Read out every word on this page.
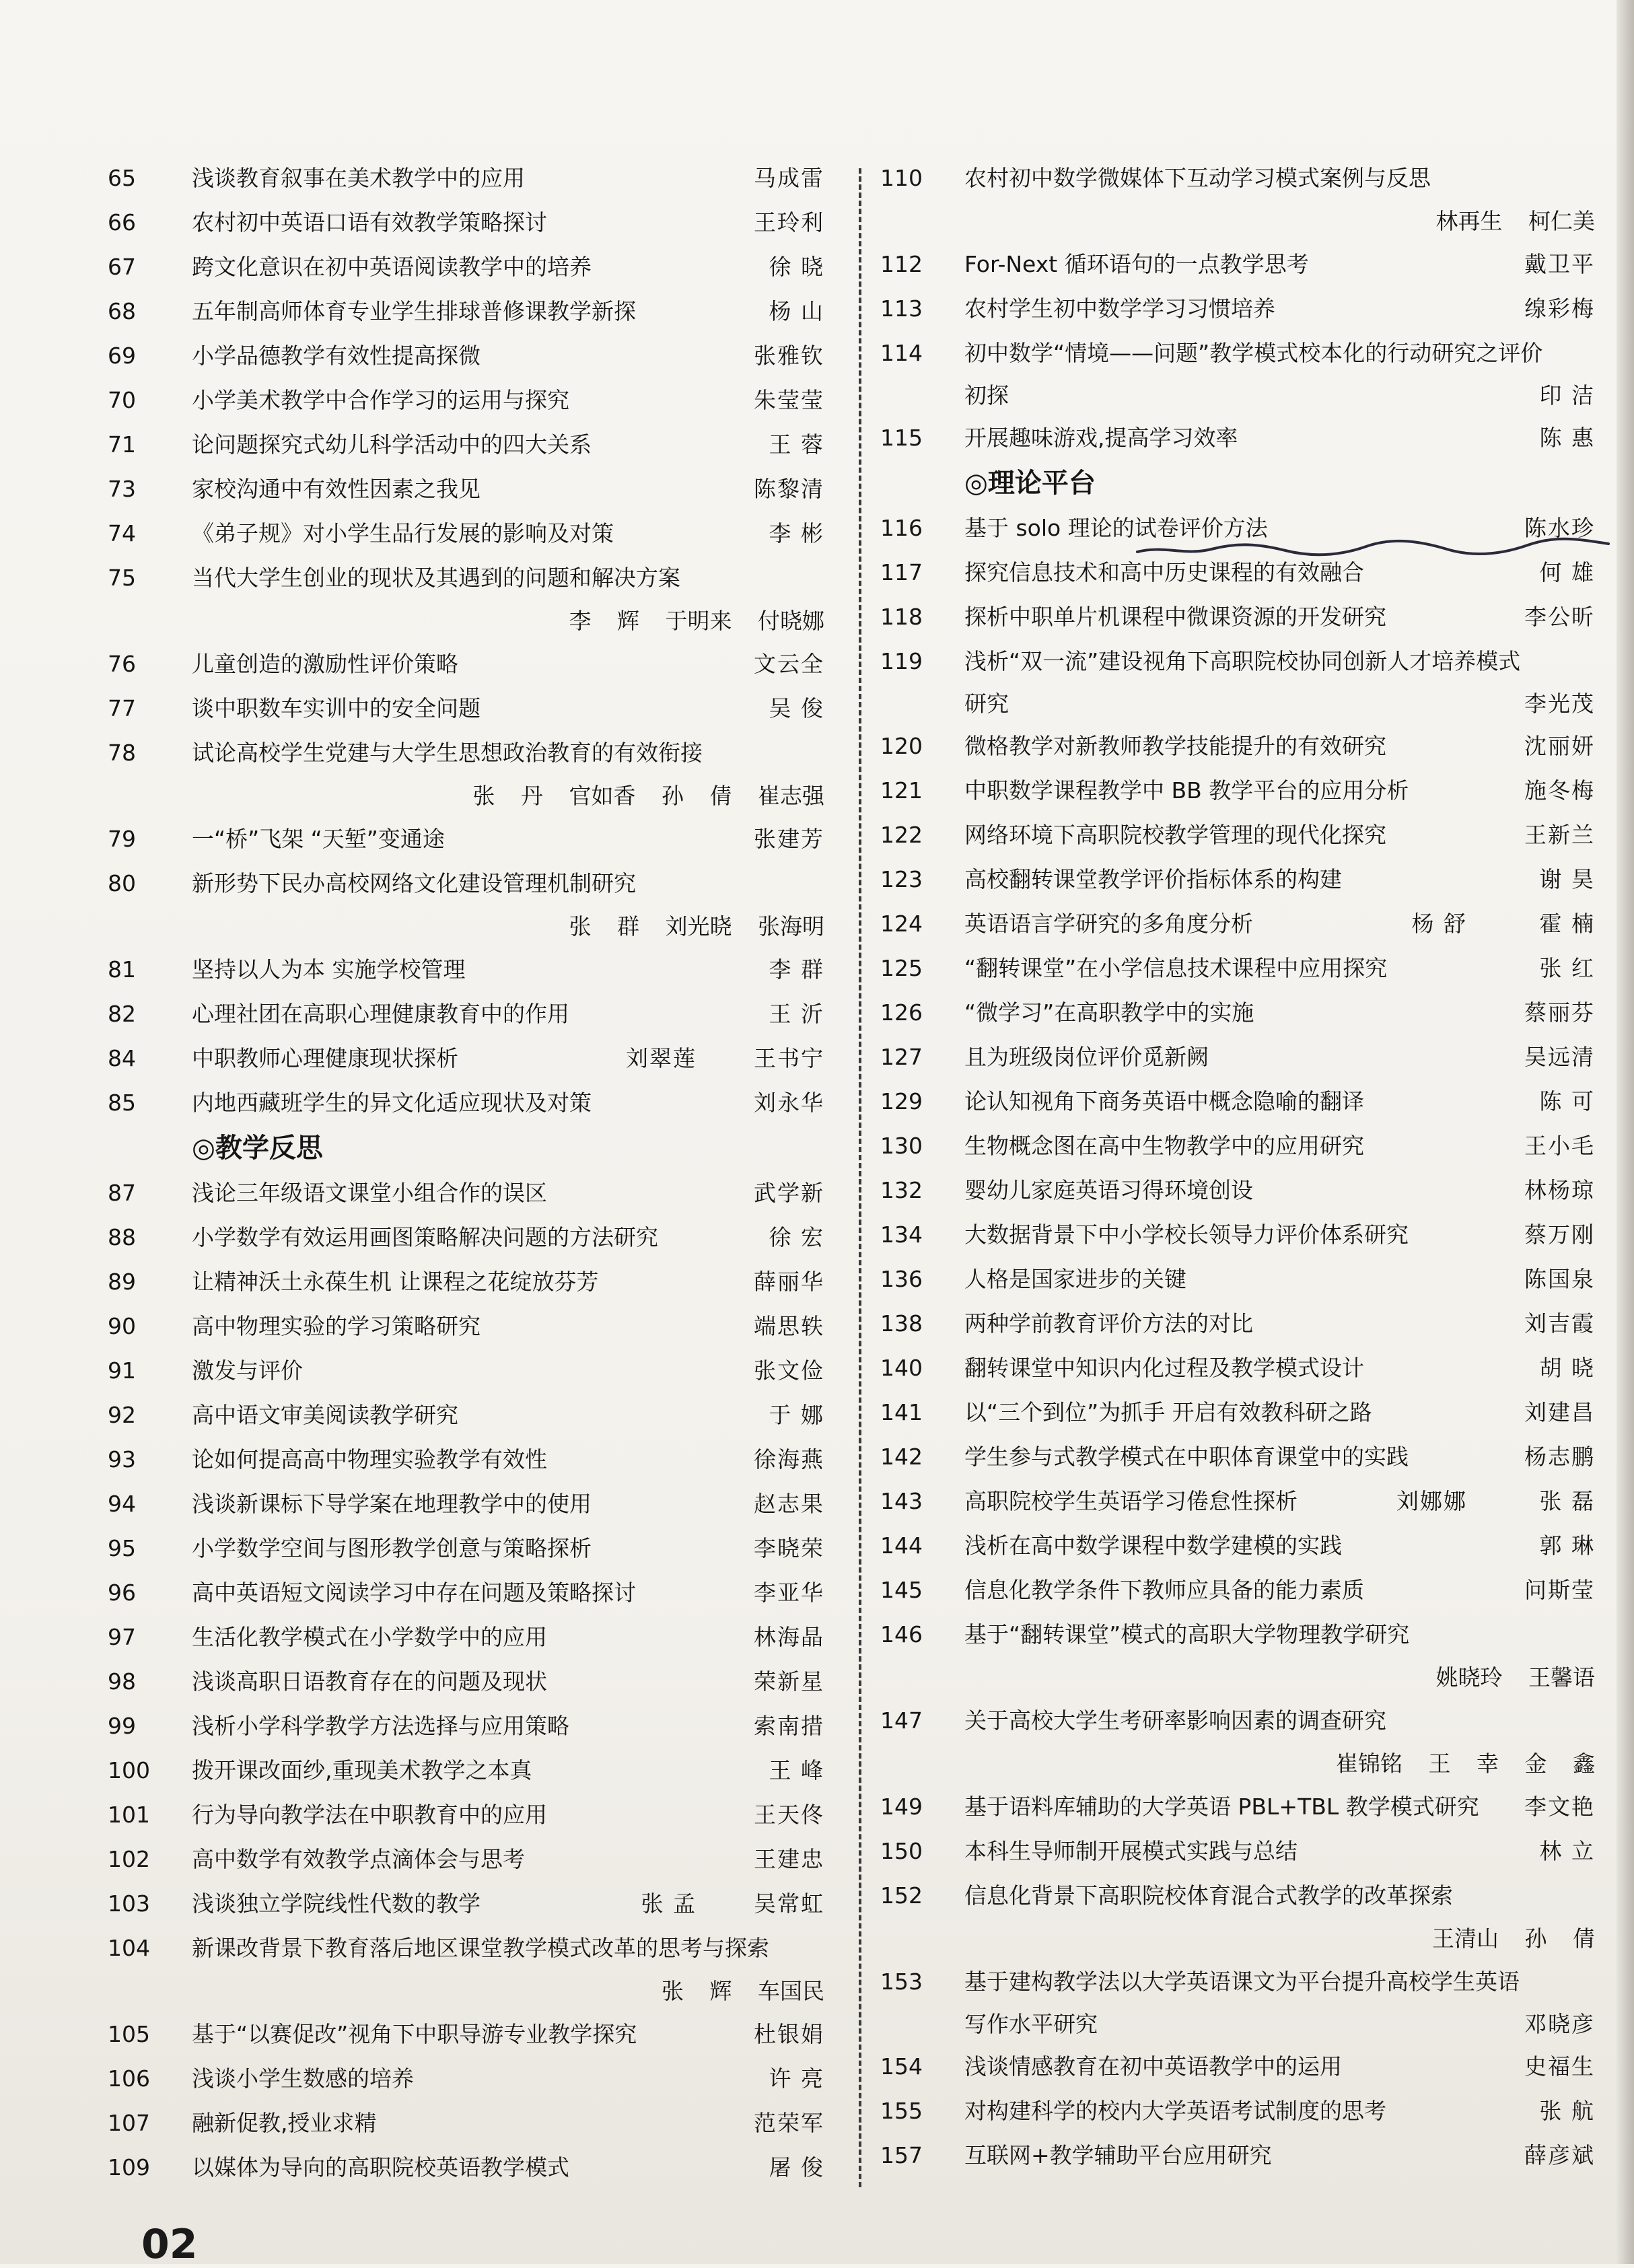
65	浅谈教育叙事在美术教学中的应用	马成雷
66	农村初中英语口语有效教学策略探讨	王玲利
67	跨文化意识在初中英语阅读教学中的培养	徐 晓
68	五年制高师体育专业学生排球普修课教学新探	杨 山
69	小学品德教学有效性提高探微	张雅钦
70	小学美术教学中合作学习的运用与探究	朱莹莹
71	论问题探究式幼儿科学活动中的四大关系	王 蓉
73	家校沟通中有效性因素之我见	陈黎清
74	《弟子规》对小学生品行发展的影响及对策	李 彬
75	当代大学生创业的现状及其遇到的问题和解决方案
李 辉 于明来 付晓娜
76	儿童创造的激励性评价策略	文云全
77	谈中职数车实训中的安全问题	吴 俊
78	试论高校学生党建与大学生思想政治教育的有效衔接
张 丹 官如香 孙 倩 崔志强
79	一“桥”飞架 “天堑”变通途	张建芳
80	新形势下民办高校网络文化建设管理机制研究
张 群 刘光晓 张海明
81	坚持以人为本 实施学校管理	李 群
82	心理社团在高职心理健康教育中的作用	王 沂
84	中职教师心理健康现状探析	刘翠莲	王书宁
85	内地西藏班学生的异文化适应现状及对策	刘永华
◎教学反思
87	浅论三年级语文课堂小组合作的误区	武学新
88	小学数学有效运用画图策略解决问题的方法研究	徐 宏
89	让精神沃土永葆生机 让课程之花绽放芬芳	薛丽华
90	高中物理实验的学习策略研究	端思轶
91	激发与评价	张文俭
92	高中语文审美阅读教学研究	于 娜
93	论如何提高高中物理实验教学有效性	徐海燕
94	浅谈新课标下导学案在地理教学中的使用	赵志果
95	小学数学空间与图形教学创意与策略探析	李晓荣
96	高中英语短文阅读学习中存在问题及策略探讨	李亚华
97	生活化教学模式在小学数学中的应用	林海晶
98	浅谈高职日语教育存在的问题及现状	荣新星
99	浅析小学科学教学方法选择与应用策略	索南措
100	拨开课改面纱,重现美术教学之本真	王 峰
101	行为导向教学法在中职教育中的应用	王天佟
102	高中数学有效教学点滴体会与思考	王建忠
103	浅谈独立学院线性代数的教学	张 孟	吴常虹
104	新课改背景下教育落后地区课堂教学模式改革的思考与探索
张 辉 车国民
105	基于“以赛促改”视角下中职导游专业教学探究	杜银娟
106	浅谈小学生数感的培养	许 亮
107	融新促教,授业求精	范荣军
109	以媒体为导向的高职院校英语教学模式	屠 俊
110	农村初中数学微媒体下互动学习模式案例与反思
林再生 柯仁美
112	For-Next 循环语句的一点教学思考	戴卫平
113	农村学生初中数学学习习惯培养	缐彩梅
114	初中数学“情境——问题”教学模式校本化的行动研究之评价
初探	印 洁
115	开展趣味游戏,提高学习效率	陈 惠
◎理论平台
116	基于 solo 理论的试卷评价方法	陈水珍
117	探究信息技术和高中历史课程的有效融合	何 雄
118	探析中职单片机课程中微课资源的开发研究	李公昕
119	浅析“双一流”建设视角下高职院校协同创新人才培养模式
研究	李光茂
120	微格教学对新教师教学技能提升的有效研究	沈丽妍
121	中职数学课程教学中 BB 教学平台的应用分析	施冬梅
122	网络环境下高职院校教学管理的现代化探究	王新兰
123	高校翻转课堂教学评价指标体系的构建	谢 昊
124	英语语言学研究的多角度分析	杨 舒	霍 楠
125	“翻转课堂”在小学信息技术课程中应用探究	张 红
126	“微学习”在高职教学中的实施	蔡丽芬
127	且为班级岗位评价觅新阙	吴远清
129	论认知视角下商务英语中概念隐喻的翻译	陈 可
130	生物概念图在高中生物教学中的应用研究	王小毛
132	婴幼儿家庭英语习得环境创设	林杨琼
134	大数据背景下中小学校长领导力评价体系研究	蔡万刚
136	人格是国家进步的关键	陈国泉
138	两种学前教育评价方法的对比	刘吉霞
140	翻转课堂中知识内化过程及教学模式设计	胡 晓
141	以“三个到位”为抓手 开启有效教科研之路	刘建昌
142	学生参与式教学模式在中职体育课堂中的实践	杨志鹏
143	高职院校学生英语学习倦怠性探析	刘娜娜	张 磊
144	浅析在高中数学课程中数学建模的实践	郭 琳
145	信息化教学条件下教师应具备的能力素质	问斯莹
146	基于“翻转课堂”模式的高职大学物理教学研究
姚晓玲 王馨语
147	关于高校大学生考研率影响因素的调查研究
崔锦铭 王 幸 金 鑫
149	基于语料库辅助的大学英语 PBL+TBL 教学模式研究	李文艳
150	本科生导师制开展模式实践与总结	林 立
152	信息化背景下高职院校体育混合式教学的改革探索
王清山 孙 倩
153	基于建构教学法以大学英语课文为平台提升高校学生英语
写作水平研究	邓晓彦
154	浅谈情感教育在初中英语教学中的运用	史福生
155	对构建科学的校内大学英语考试制度的思考	张 航
157	互联网+教学辅助平台应用研究	薛彦斌
02
